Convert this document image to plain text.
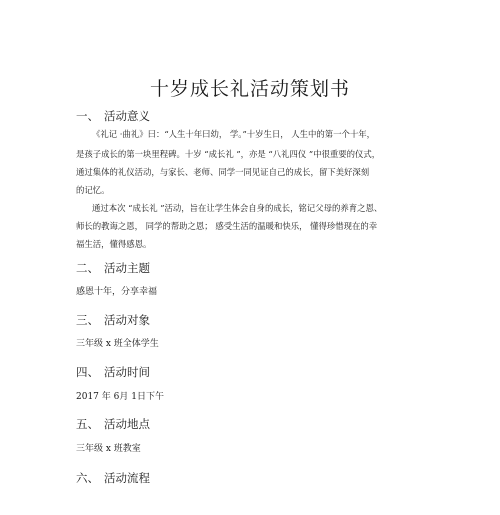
十岁成长礼活动策划书
一、 活动意义
《礼记 ·曲礼》曰：“人生十年曰幼， 学。”十岁生日， 人生中的第一个十年，
是孩子成长的第一块里程碑。十岁 “成长礼 ”，亦是 “八礼四仪 ”中很重要的仪式，
通过集体的礼仪活动，与家长、老师、同学一同见证自己的成长，留下美好深刻
的记忆。
通过本次 “成长礼 ”活动，旨在让学生体会自身的成长，铭记父母的养育之恩、
师长的教诲之恩， 同学的帮助之恩； 感受生活的温暖和快乐， 懂得珍惜现在的幸
福生活，懂得感恩。
二、 活动主题
感恩十年，分享幸福
三、 活动对象
三年级 x 班全体学生
四、 活动时间
2017 年 6月 1日下午
五、 活动地点
三年级 x 班教室
六、 活动流程
